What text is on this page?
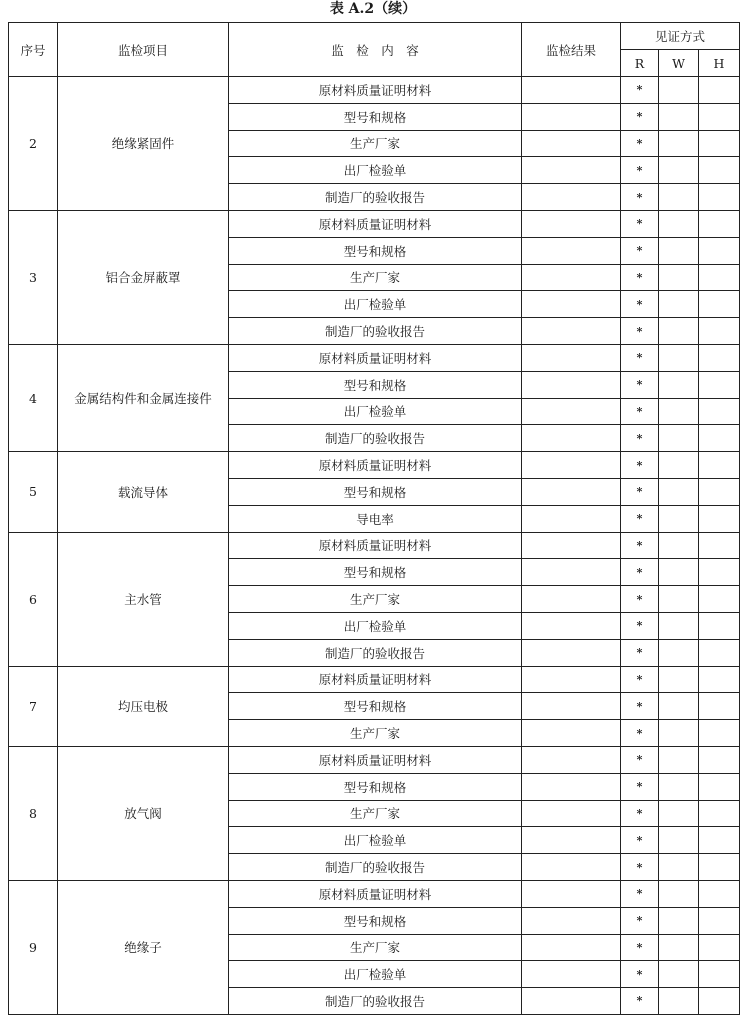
表 A.2（续）
序号	监检项目	监　检　内　容	监检结果	见证方式		
				R	W	H
2	绝缘紧固件	原材料质量证明材料		*		
		型号和规格		*		
		生产厂家		*		
		出厂检验单		*		
		制造厂的验收报告		*		
3	铝合金屏蔽罩	原材料质量证明材料		*		
		型号和规格		*		
		生产厂家		*		
		出厂检验单		*		
		制造厂的验收报告		*		
4	金属结构件和金属连接件	原材料质量证明材料		*		
		型号和规格		*		
		出厂检验单		*		
		制造厂的验收报告		*		
5	载流导体	原材料质量证明材料		*		
		型号和规格		*		
		导电率		*		
6	主水管	原材料质量证明材料		*		
		型号和规格		*		
		生产厂家		*		
		出厂检验单		*		
		制造厂的验收报告		*		
7	均压电极	原材料质量证明材料		*		
		型号和规格		*		
		生产厂家		*		
8	放气阀	原材料质量证明材料		*		
		型号和规格		*		
		生产厂家		*		
		出厂检验单		*		
		制造厂的验收报告		*		
9	绝缘子	原材料质量证明材料		*		
		型号和规格		*		
		生产厂家		*		
		出厂检验单		*		
		制造厂的验收报告		*		
